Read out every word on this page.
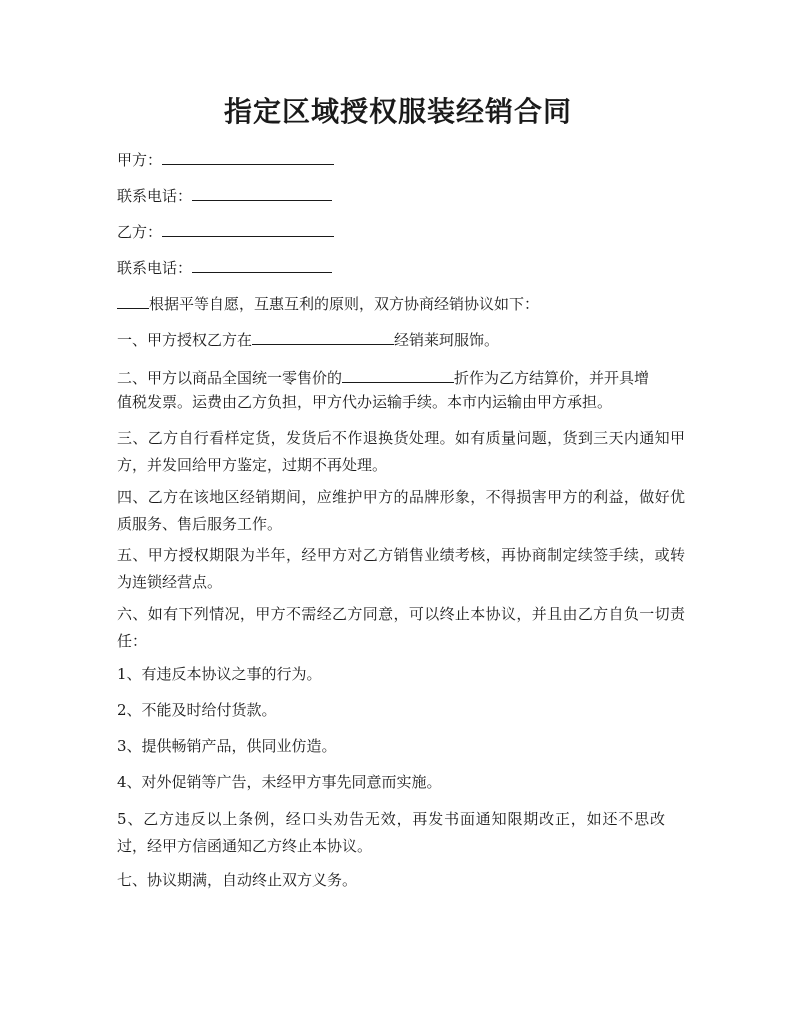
指定区域授权服装经销合同
甲方：
联系电话：
乙方：
联系电话：
根据平等自愿，互惠互利的原则，双方协商经销协议如下：
一、甲方授权乙方在	经销莱珂服饰。
二、甲方以商品全国统一零售价的	折作为乙方结算价，并开具增
值税发票。运费由乙方负担，甲方代办运输手续。本市内运输由甲方承担。
三、乙方自行看样定货，发货后不作退换货处理。如有质量问题，货到三天内通知甲方，并发回给甲方鉴定，过期不再处理。
四、乙方在该地区经销期间，应维护甲方的品牌形象，不得损害甲方的利益，做好优质服务、售后服务工作。
五、甲方授权期限为半年，经甲方对乙方销售业绩考核，再协商制定续签手续，或转为连锁经营点。
六、如有下列情况，甲方不需经乙方同意，可以终止本协议，并且由乙方自负一切责任：
1、有违反本协议之事的行为。
2、不能及时给付货款。
3、提供畅销产品，供同业仿造。
4、对外促销等广告，未经甲方事先同意而实施。
5、乙方违反以上条例，经口头劝告无效，再发书面通知限期改正，如还不思改过，经甲方信函通知乙方终止本协议。
七、协议期满，自动终止双方义务。
